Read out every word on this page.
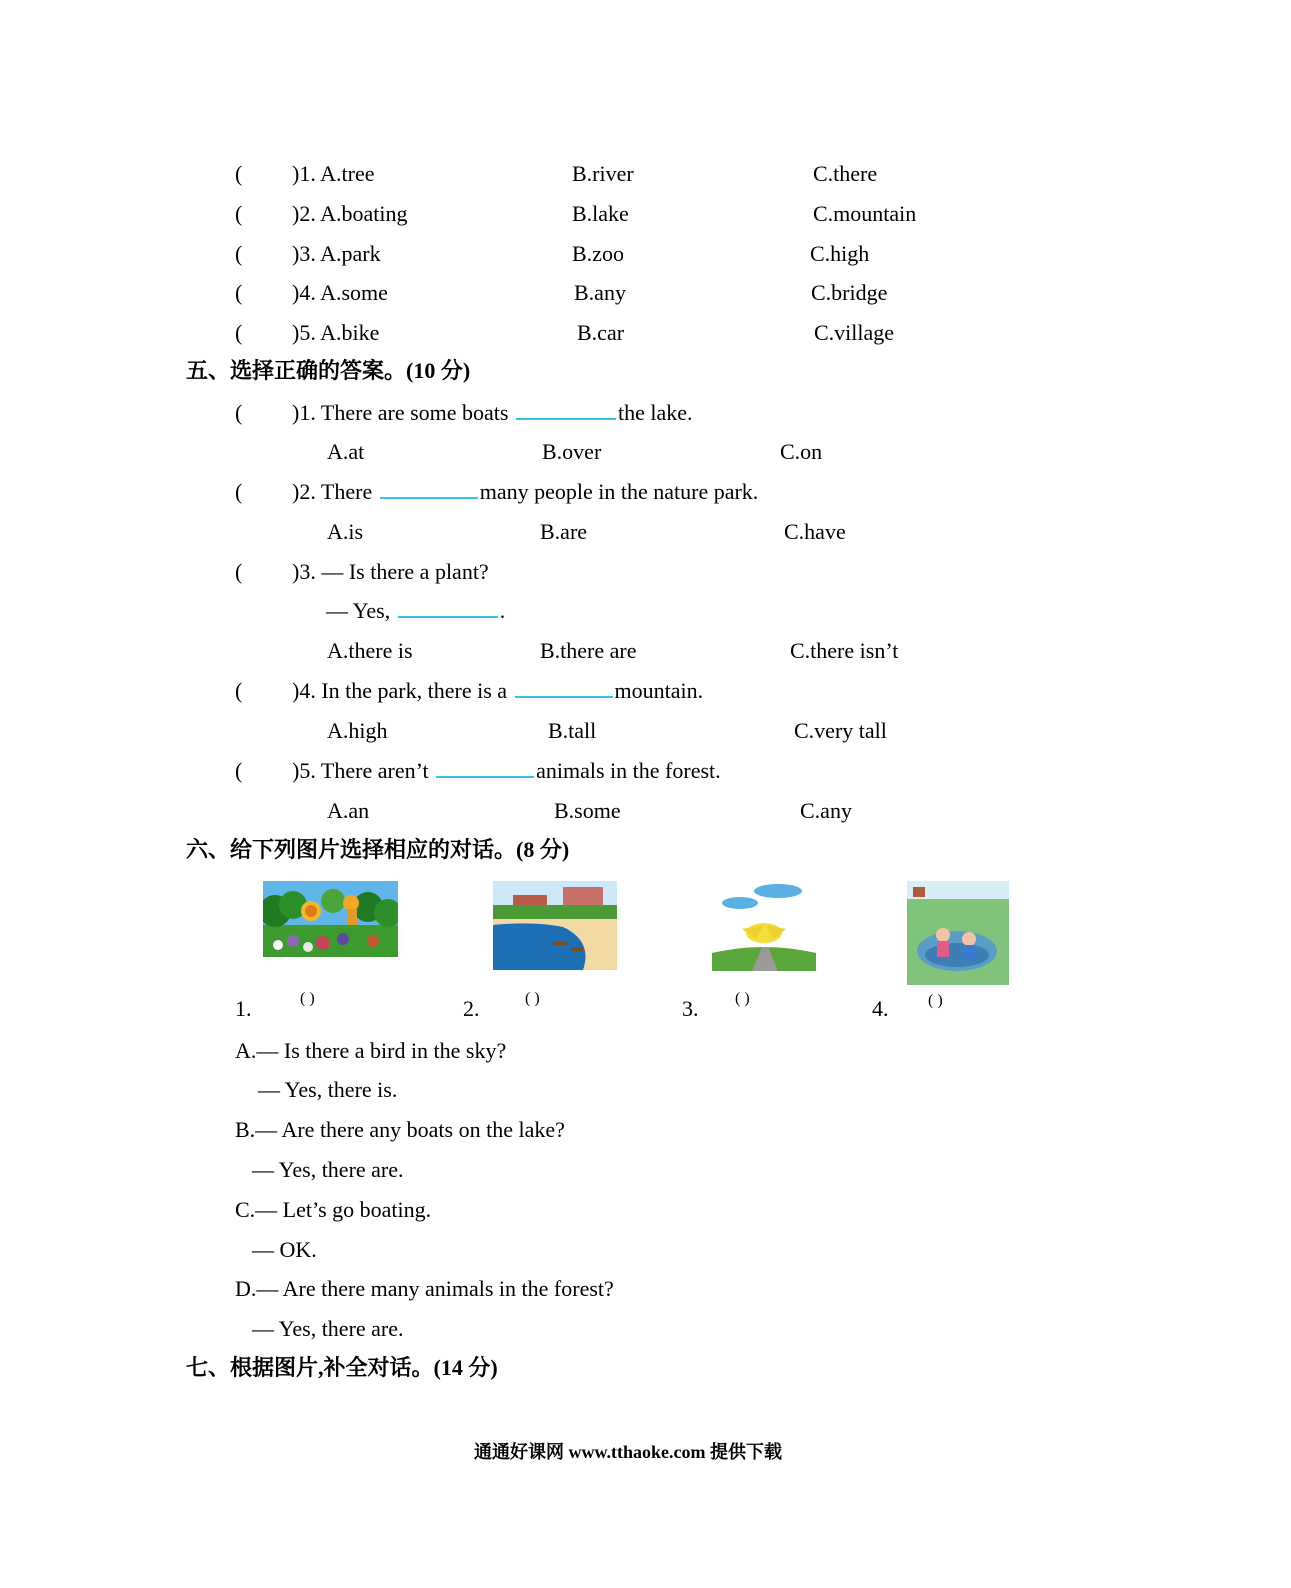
( )1. A.tree	B.river	C.there
( )2. A.boating	B.lake	C.mountain
( )3. A.park	B.zoo	C.high
( )4. A.some	B.any	C.bridge
( )5. A.bike	B.car	C.village
五、选择正确的答案。(10 分)
( )1. There are some boats	the lake.
A.at	B.over	C.on
( )2. There	many people in the nature park.
A.is	B.are	C.have
( )3. — Is there a plant?
— Yes,	.
A.there is	B.there are	C.there isn’t
( )4. In the park, there is a	mountain.
A.high	B.tall	C.very tall
( )5. There aren’t	animals in the forest.
A.an	B.some	C.any
六、给下列图片选择相应的对话。(8 分)
1.	( )	2.	( )	3. ( )	4. ( )
A.— Is there a bird in the sky?
— Yes, there is.
B.— Are there any boats on the lake?
— Yes, there are.
C.— Let’s go boating.
— OK.
D.— Are there many animals in the forest?
— Yes, there are.
七、根据图片,补全对话。(14 分)
通通好课网 www.tthaoke.com 提供下载
